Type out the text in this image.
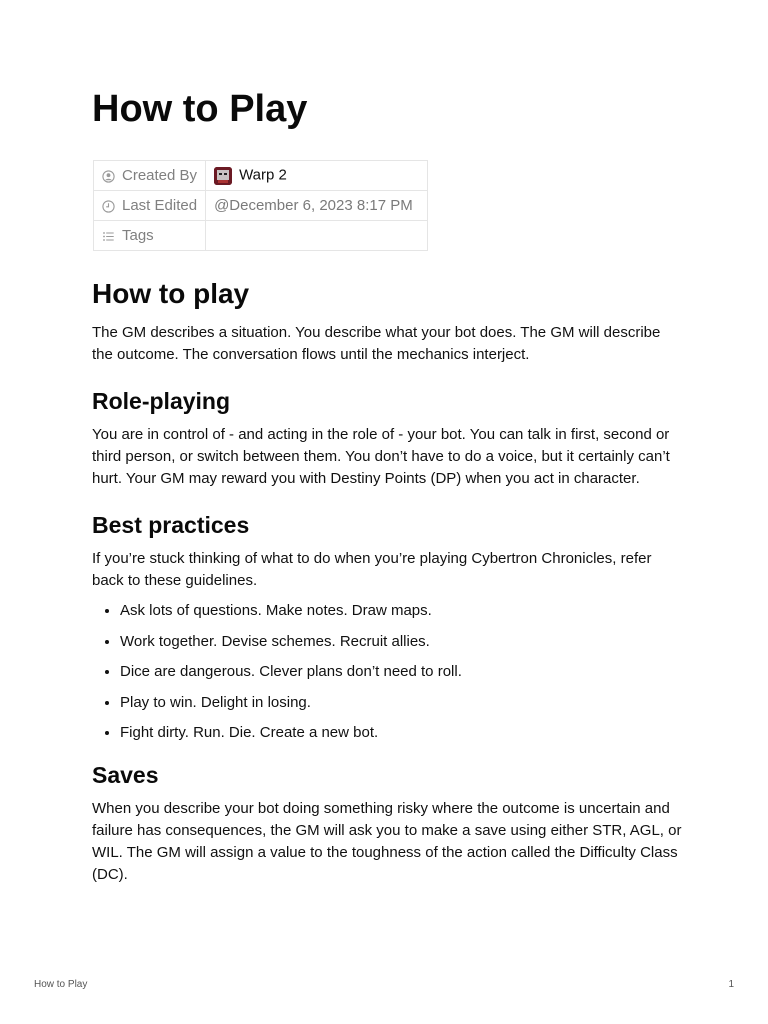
How to Play
Created By	Warp 2

Last Edited	@December 6, 2023 8:17 PM

Tags	
How to play

The GM describes a situation. You describe what your bot does. The GM will describe the outcome. The conversation flows until the mechanics interject.

Role-playing

You are in control of - and acting in the role of - your bot. You can talk in first, second or third person, or switch between them. You don’t have to do a voice, but it certainly can’t hurt. Your GM may reward you with Destiny Points (DP) when you act in character.

Best practices

If you’re stuck thinking of what to do when you’re playing Cybertron Chronicles, refer back to these guidelines.

• Ask lots of questions. Make notes. Draw maps.
• Work together. Devise schemes. Recruit allies.
• Dice are dangerous. Clever plans don’t need to roll.
• Play to win. Delight in losing.
• Fight dirty. Run. Die. Create a new bot.
Saves

When you describe your bot doing something risky where the outcome is uncertain and failure has consequences, the GM will ask you to make a save using either STR, AGL, or WIL. The GM will assign a value to the toughness of the action called the Difficulty Class (DC).

How to Play	1
